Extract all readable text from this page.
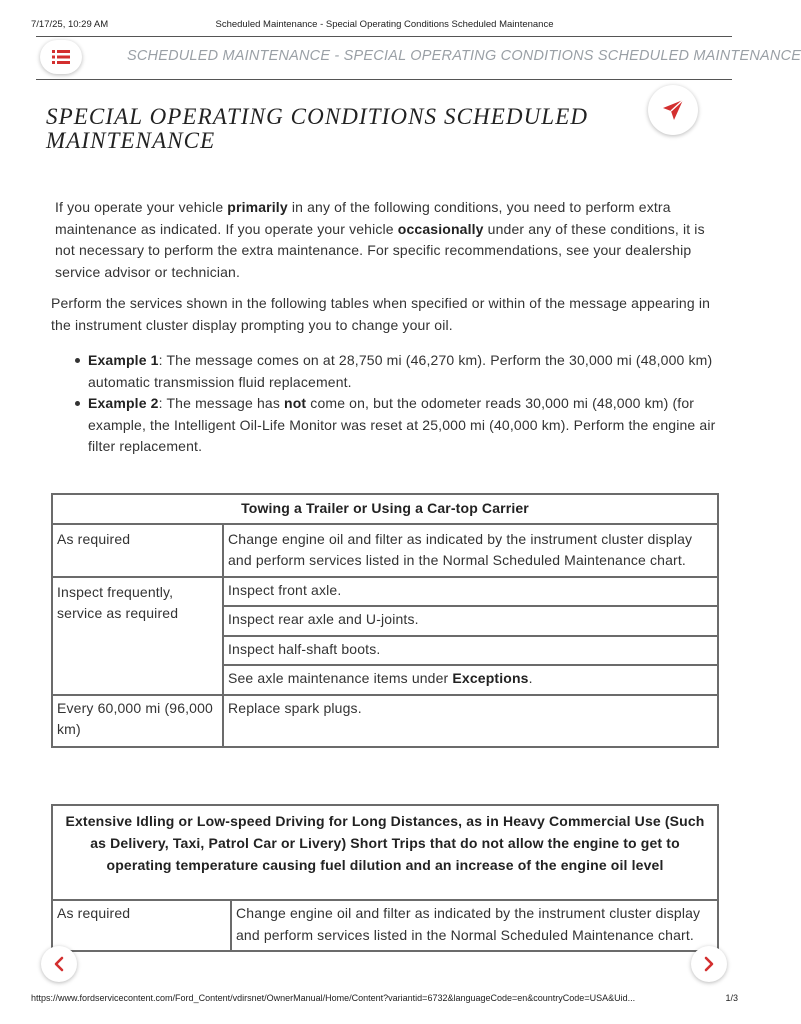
7/17/25, 10:29 AM	Scheduled Maintenance - Special Operating Conditions Scheduled Maintenance
SCHEDULED MAINTENANCE - SPECIAL OPERATING CONDITIONS SCHEDULED MAINTENANCE
SPECIAL OPERATING CONDITIONS SCHEDULED MAINTENANCE

If you operate your vehicle primarily in any of the following conditions, you need to perform extra maintenance as indicated. If you operate your vehicle occasionally under any of these conditions, it is not necessary to perform the extra maintenance. For specific recommendations, see your dealership service advisor or technician.

Perform the services shown in the following tables when specified or within of the message appearing in the instrument cluster display prompting you to change your oil.

Example 1: The message comes on at 28,750 mi (46,270 km). Perform the 30,000 mi (48,000 km) automatic transmission fluid replacement.
Example 2: The message has not come on, but the odometer reads 30,000 mi (48,000 km) (for example, the Intelligent Oil-Life Monitor was reset at 25,000 mi (40,000 km). Perform the engine air filter replacement.
Towing a Trailer or Using a Car-top Carrier	
As required	Change engine oil and filter as indicated by the instrument cluster display and perform services listed in the Normal Scheduled Maintenance chart.
Inspect frequently, service as required	Inspect front axle.
	Inspect rear axle and U-joints.
	Inspect half-shaft boots.
	See axle maintenance items under Exceptions.
Every 60,000 mi (96,000 km)	Replace spark plugs.
Extensive Idling or Low-speed Driving for Long Distances, as in Heavy Commercial Use (Such as Delivery, Taxi, Patrol Car or Livery) Short Trips that do not allow the engine to get to operating temperature causing fuel dilution and an increase of the engine oil level
As required	Change engine oil and filter as indicated by the instrument cluster display and perform services listed in the Normal Scheduled Maintenance chart.
https://www.fordservicecontent.com/Ford_Content/vdirsnet/OwnerManual/Home/Content?variantid=6732&languageCode=en&countryCode=USA&Uid...	1/3
